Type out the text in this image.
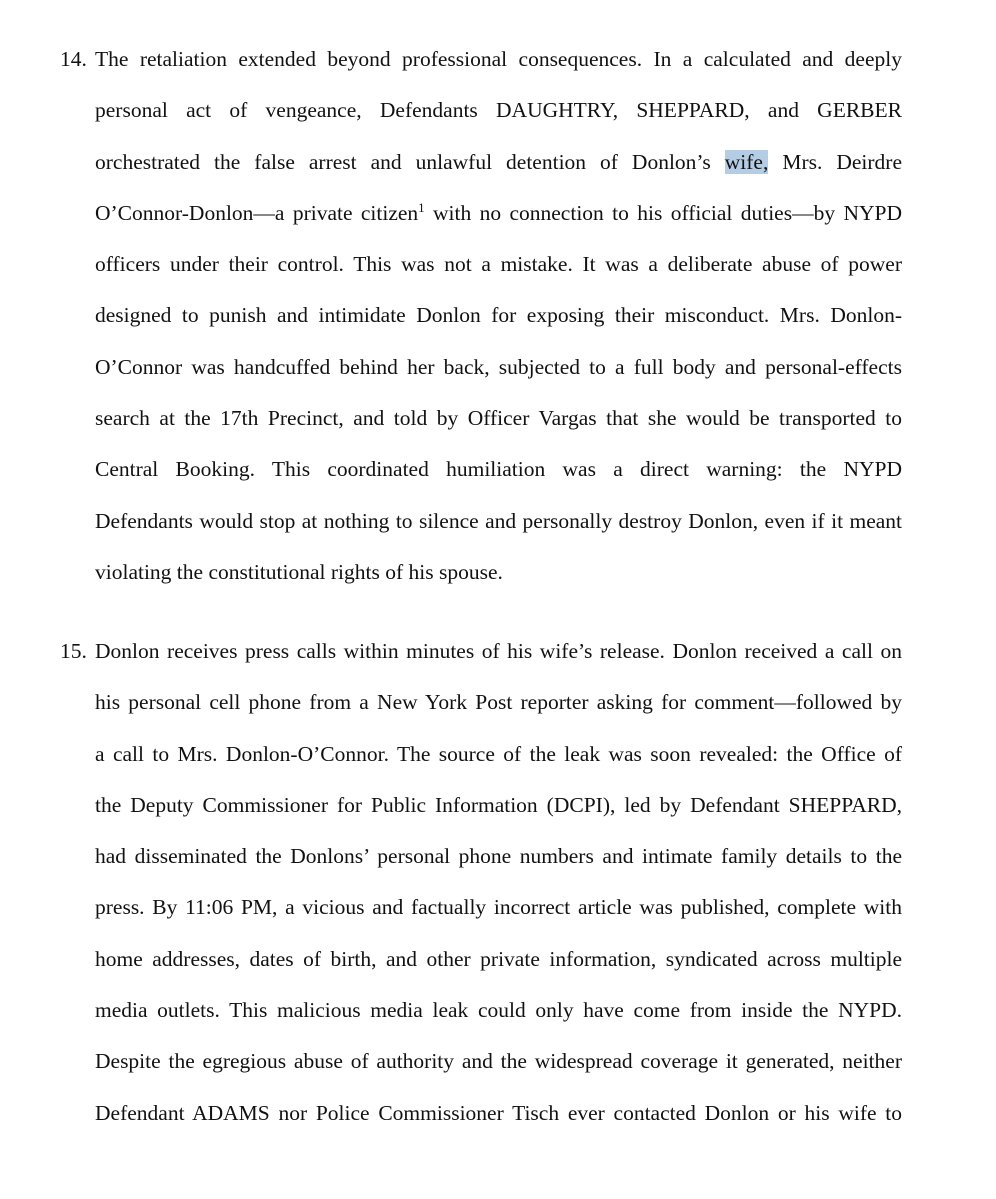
14. The retaliation extended beyond professional consequences. In a calculated and deeply
personal act of vengeance, Defendants DAUGHTRY, SHEPPARD, and GERBER
orchestrated the false arrest and unlawful detention of Donlon’s wife, Mrs. Deirdre
O’Connor-Donlon—a private citizen$^1$ with no connection to his official duties—by NYPD
officers under their control. This was not a mistake. It was a deliberate abuse of power
designed to punish and intimidate Donlon for exposing their misconduct. Mrs. Donlon-
O’Connor was handcuffed behind her back, subjected to a full body and personal-effects
search at the 17th Precinct, and told by Officer Vargas that she would be transported to
Central Booking. This coordinated humiliation was a direct warning: the NYPD
Defendants would stop at nothing to silence and personally destroy Donlon, even if it meant
violating the constitutional rights of his spouse.
15. Donlon receives press calls within minutes of his wife’s release. Donlon received a call on
his personal cell phone from a New York Post reporter asking for comment—followed by
a call to Mrs. Donlon-O’Connor. The source of the leak was soon revealed: the Office of
the Deputy Commissioner for Public Information (DCPI), led by Defendant SHEPPARD,
had disseminated the Donlons’ personal phone numbers and intimate family details to the
press. By 11:06 PM, a vicious and factually incorrect article was published, complete with
home addresses, dates of birth, and other private information, syndicated across multiple
media outlets. This malicious media leak could only have come from inside the NYPD.
Despite the egregious abuse of authority and the widespread coverage it generated, neither
Defendant ADAMS nor Police Commissioner Tisch ever contacted Donlon or his wife to
